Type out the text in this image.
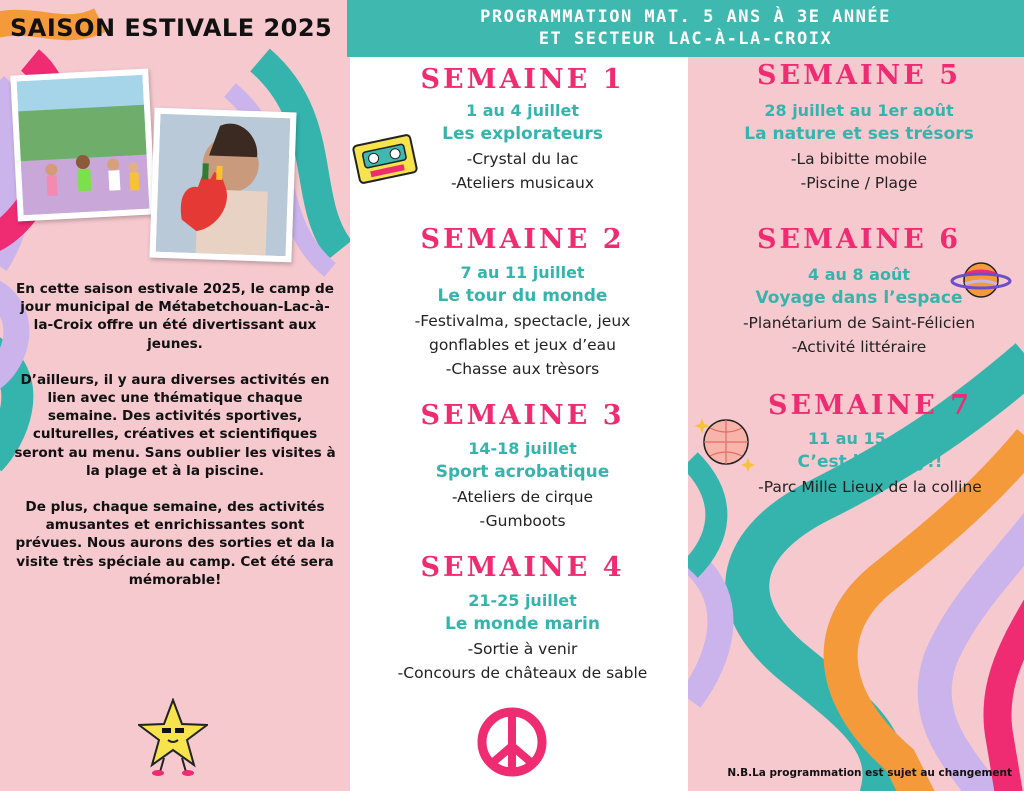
SAISON ESTIVALE 2025

En cette saison estivale 2025, le camp de jour municipal de Métabetchouan-Lac-à-la-Croix offre un été divertissant aux jeunes.

D’ailleurs, il y aura diverses activités en lien avec une thématique chaque semaine. Des activités sportives, culturelles, créatives et scientifiques seront au menu. Sans oublier les visites à la plage et à la piscine.

De plus, chaque semaine, des activités amusantes et enrichissantes sont prévues. Nous aurons des sorties et da la visite très spéciale au camp. Cet été sera mémorable!

PROGRAMMATION MAT. 5 ANS À 3E ANNÉE
ET SECTEUR LAC-À-LA-CROIX
SEMAINE 1
1 au 4 juillet
Les explorateurs
-Crystal du lac
-Ateliers musicaux
SEMAINE 2
7 au 11 juillet
Le tour du monde
-Festivalma, spectacle, jeux
gonflables et jeux d’eau
-Chasse aux trèsors
SEMAINE 3
14-18 juillet
Sport acrobatique
-Ateliers de cirque
-Gumboots
SEMAINE 4
21-25 juillet
Le monde marin
-Sortie à venir
-Concours de châteaux de sable
SEMAINE 5
28 juillet au 1er août
La nature et ses trésors
-La bibitte mobile
-Piscine / Plage
SEMAINE 6
4 au 8 août
Voyage dans l’espace
-Planétarium de Saint-Félicien
-Activité littéraire
SEMAINE 7
11 au 15 août
C’est le Party!!
-Parc Mille Lieux de la colline
N.B.La programmation est sujet au changement
